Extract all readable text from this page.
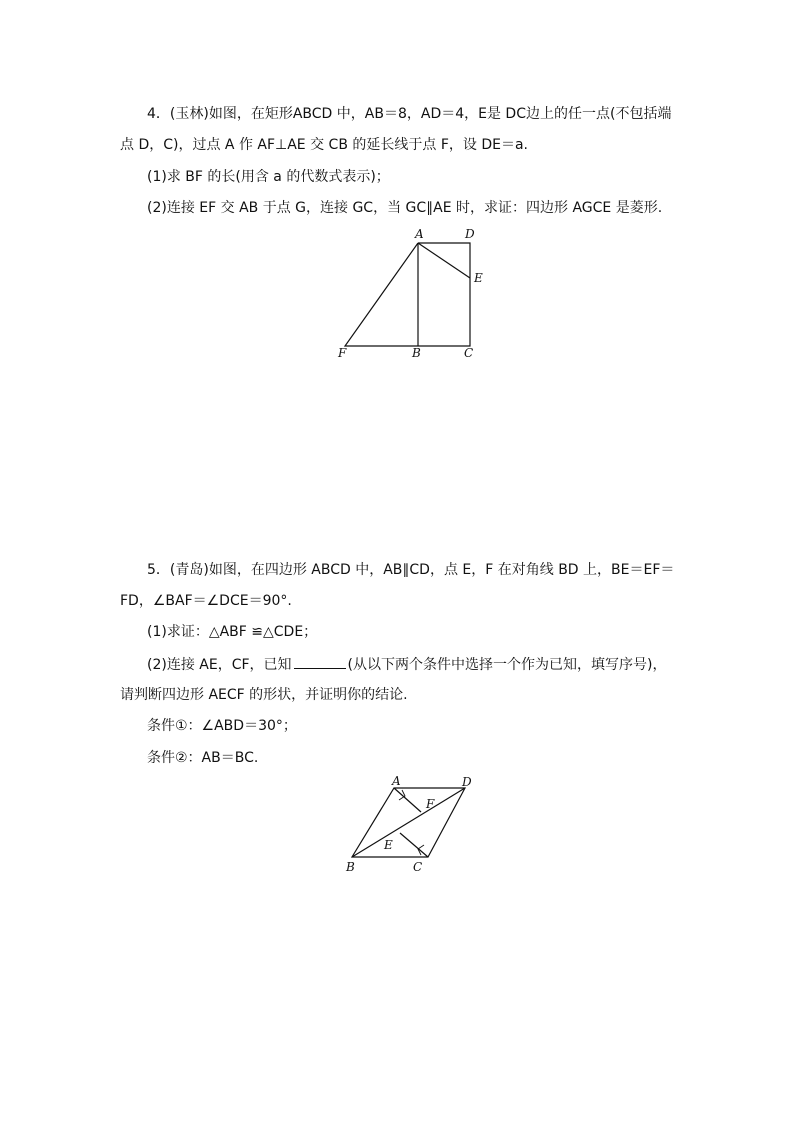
4．(玉林)如图，在矩形ABCD 中，AB＝8，AD＝4，E是 DC边上的任一点(不包括端
点 D，C)，过点 A 作 AF⊥AE 交 CB 的延长线于点 F，设 DE＝a.
(1)求 BF 的长(用含 a 的代数式表示)；
(2)连接 EF 交 AB 于点 G，连接 GC，当 GC∥AE 时，求证：四边形 AGCE 是菱形.
A	D
E
F	B	C
5．(青岛)如图，在四边形 ABCD 中，AB∥CD，点 E，F 在对角线 BD 上，BE＝EF＝
FD，∠BAF＝∠DCE＝90°.
(1)求证：△ABF ≌△CDE；
(2)连接 AE，CF，已知	(从以下两个条件中选择一个作为已知，填写序号)，
请判断四边形 AECF 的形状，并证明你的结论.
条件①：∠ABD＝30°；
条件②：AB＝BC.
A	D
F
E
B	C
